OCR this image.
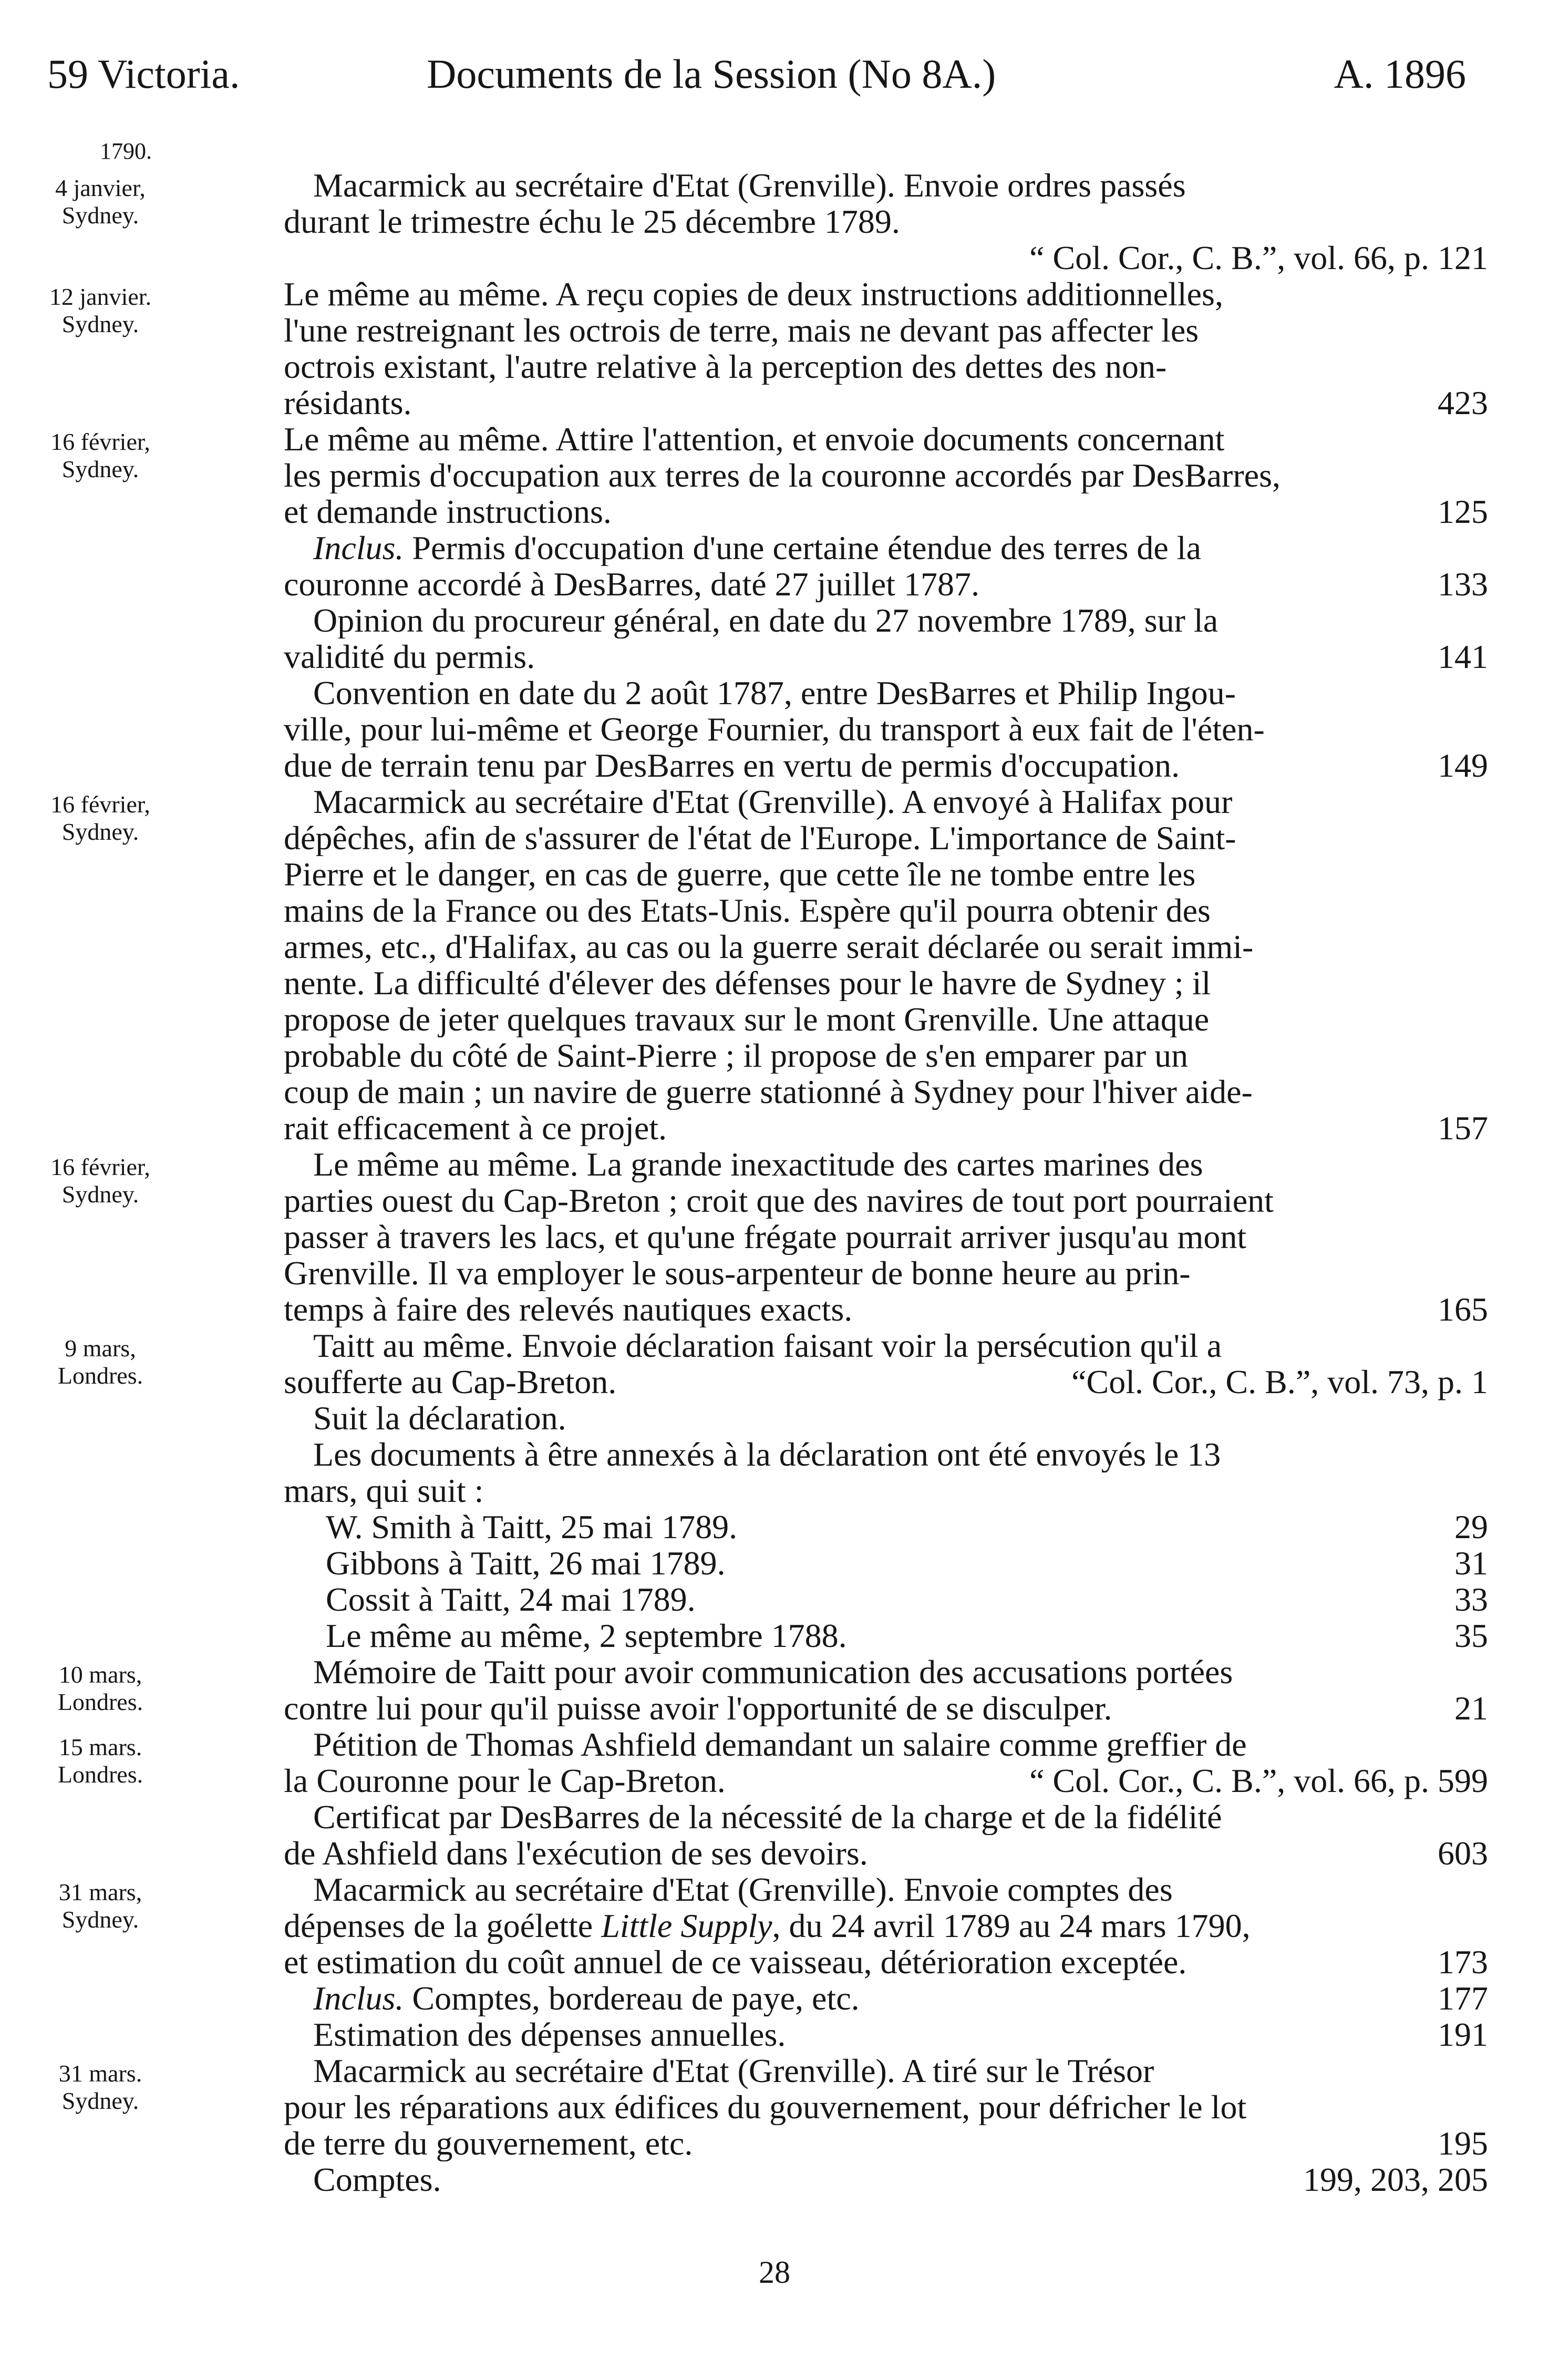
59 Victoria.	Documents de la Session (No 8A.)	A. 1896
1790.
4 janvier,
Sydney.
Macarmick au secrétaire d'Etat (Grenville). Envoie ordres passés
durant le trimestre échu le 25 décembre 1789.
“ Col. Cor., C. B.”, vol. 66, p. 121
12 janvier.
Sydney.
Le même au même. A reçu copies de deux instructions additionnelles,
l'une restreignant les octrois de terre, mais ne devant pas affecter les
octrois existant, l'autre relative à la perception des dettes des non-
résidants.	423
16 février,
Sydney.
Le même au même. Attire l'attention, et envoie documents concernant
les permis d'occupation aux terres de la couronne accordés par DesBarres,
et demande instructions.	125
Inclus. Permis d'occupation d'une certaine étendue des terres de la
couronne accordé à DesBarres, daté 27 juillet 1787.	133
Opinion du procureur général, en date du 27 novembre 1789, sur la
validité du permis.	141
Convention en date du 2 août 1787, entre DesBarres et Philip Ingou-
ville, pour lui-même et George Fournier, du transport à eux fait de l'éten-
due de terrain tenu par DesBarres en vertu de permis d'occupation.	149
16 février,
Sydney.
Macarmick au secrétaire d'Etat (Grenville). A envoyé à Halifax pour
dépêches, afin de s'assurer de l'état de l'Europe. L'importance de Saint-
Pierre et le danger, en cas de guerre, que cette île ne tombe entre les
mains de la France ou des Etats-Unis. Espère qu'il pourra obtenir des
armes, etc., d'Halifax, au cas ou la guerre serait déclarée ou serait immi-
nente. La difficulté d'élever des défenses pour le havre de Sydney ; il
propose de jeter quelques travaux sur le mont Grenville. Une attaque
probable du côté de Saint-Pierre ; il propose de s'en emparer par un
coup de main ; un navire de guerre stationné à Sydney pour l'hiver aide-
rait efficacement à ce projet.	157
16 février,
Sydney.
Le même au même. La grande inexactitude des cartes marines des
parties ouest du Cap-Breton ; croit que des navires de tout port pourraient
passer à travers les lacs, et qu'une frégate pourrait arriver jusqu'au mont
Grenville. Il va employer le sous-arpenteur de bonne heure au prin-
temps à faire des relevés nautiques exacts.	165
9 mars,
Londres.
Taitt au même. Envoie déclaration faisant voir la persécution qu'il a
soufferte au Cap-Breton.	“Col. Cor., C. B.”, vol. 73, p. 1
Suit la déclaration.
Les documents à être annexés à la déclaration ont été envoyés le 13
mars, qui suit :
W. Smith à Taitt, 25 mai 1789.	29
Gibbons à Taitt, 26 mai 1789.	31
Cossit à Taitt, 24 mai 1789.	33
Le même au même, 2 septembre 1788.	35
10 mars,
Londres.
Mémoire de Taitt pour avoir communication des accusations portées
contre lui pour qu'il puisse avoir l'opportunité de se disculper.	21
15 mars.
Londres.
Pétition de Thomas Ashfield demandant un salaire comme greffier de
la Couronne pour le Cap-Breton.	“ Col. Cor., C. B.”, vol. 66, p. 599
Certificat par DesBarres de la nécessité de la charge et de la fidélité
de Ashfield dans l'exécution de ses devoirs.	603
31 mars,
Sydney.
Macarmick au secrétaire d'Etat (Grenville). Envoie comptes des
dépenses de la goélette Little Supply, du 24 avril 1789 au 24 mars 1790,
et estimation du coût annuel de ce vaisseau, détérioration exceptée.	173
Inclus. Comptes, bordereau de paye, etc.	177
Estimation des dépenses annuelles.	191
31 mars.
Sydney.
Macarmick au secrétaire d'Etat (Grenville). A tiré sur le Trésor
pour les réparations aux édifices du gouvernement, pour défricher le lot
de terre du gouvernement, etc.	195
Comptes.	199, 203, 205
28
